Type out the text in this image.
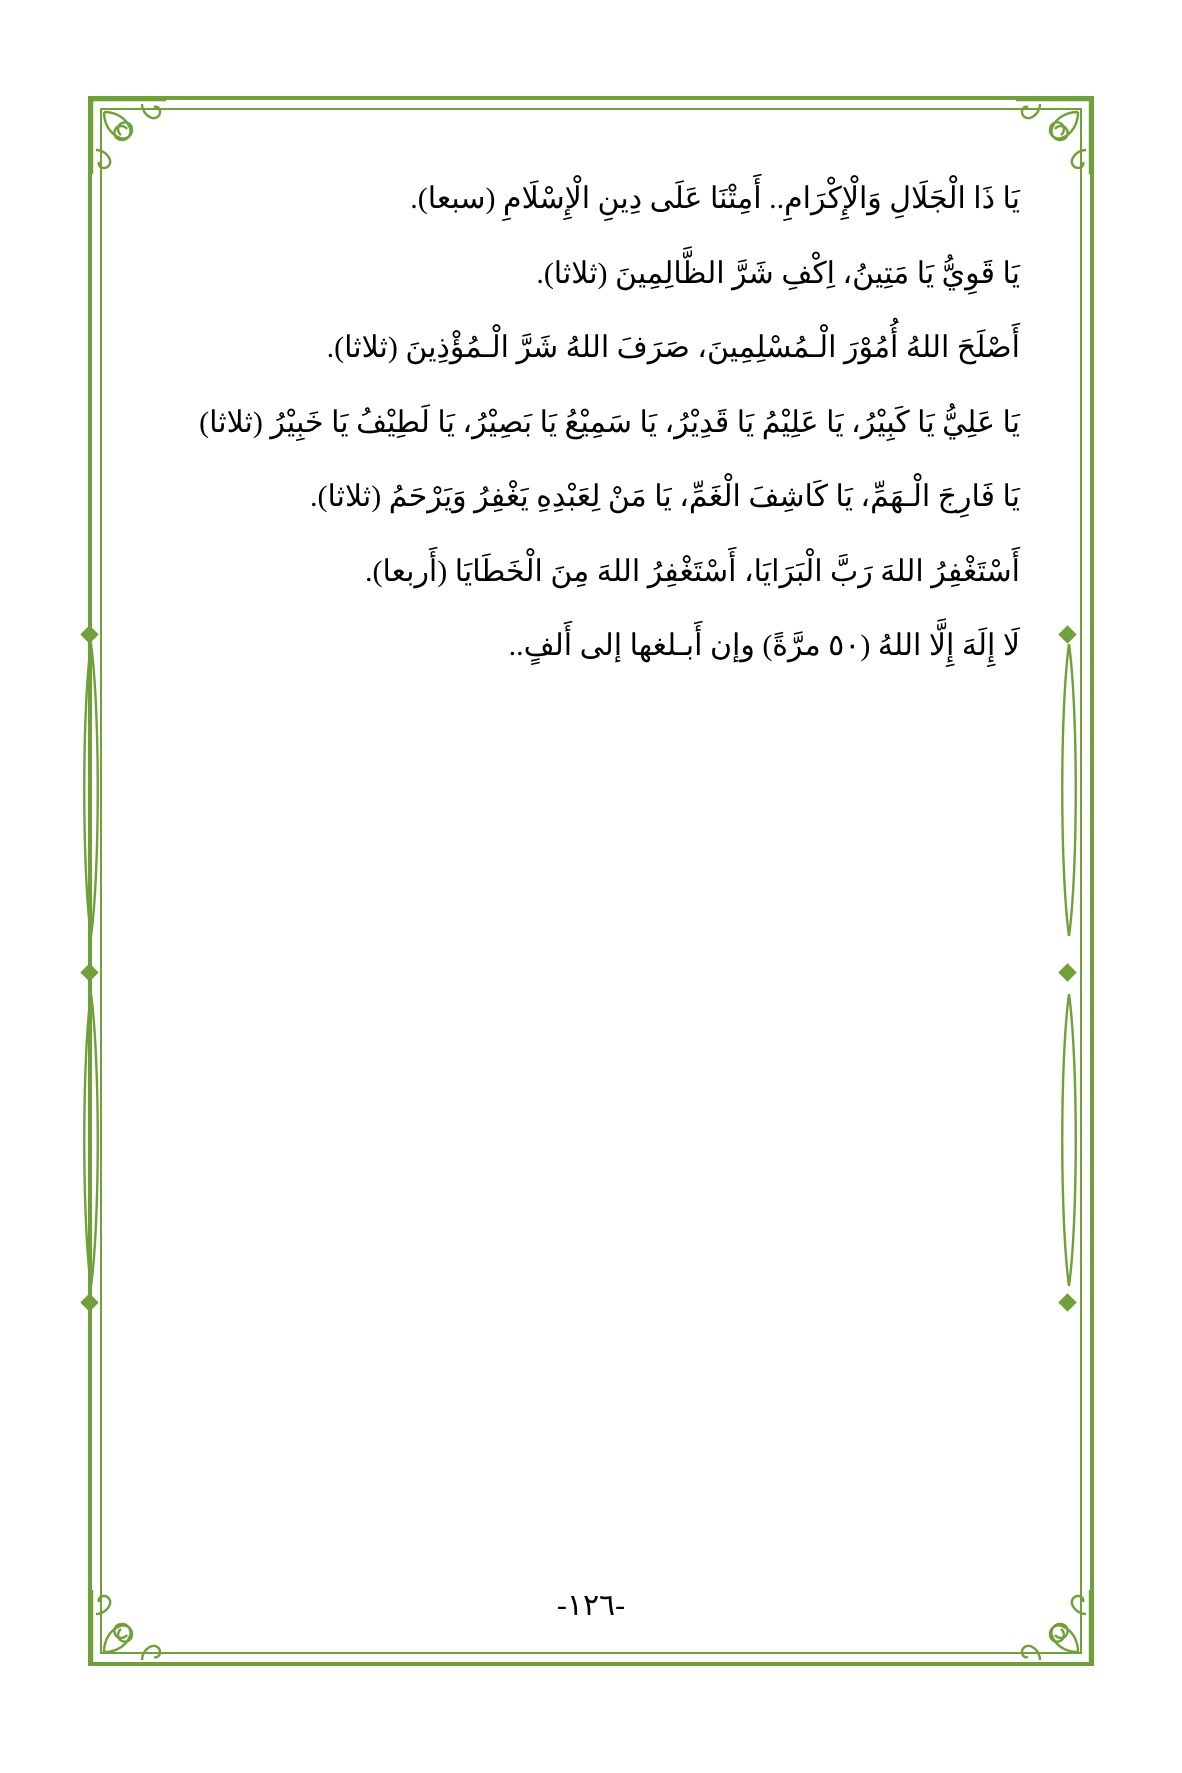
يَا ذَا الْجَلَالِ وَالْإِكْرَامِ.. أَمِتْنَا عَلَى دِينِ الْإِسْلَامِ (سبعا).

يَا قَوِيُّ يَا مَتِينُ، اِكْفِ شَرَّ الظَّالِمِينَ (ثلاثا).

أَصْلَحَ اللهُ أُمُوْرَ الْـمُسْلِمِينَ، صَرَفَ اللهُ شَرَّ الْـمُؤْذِينَ (ثلاثا).

يَا عَلِيُّ يَا كَبِيْرُ، يَا عَلِيْمُ يَا قَدِيْرُ، يَا سَمِيْعُ يَا بَصِيْرُ، يَا لَطِيْفُ يَا خَبِيْرُ (ثلاثا)

يَا فَارِجَ الْـهَمِّ، يَا كَاشِفَ الْغَمِّ، يَا مَنْ لِعَبْدِهِ يَغْفِرُ وَيَرْحَمُ (ثلاثا).

أَسْتَغْفِرُ اللهَ رَبَّ الْبَرَايَا، أَسْتَغْفِرُ اللهَ مِنَ الْخَطَايَا (أَربعا).

لَا إِلَهَ إِلَّا اللهُ (٥٠ مرَّةً) وإن أَبـلغها إلى أَلفٍ..

-١٢٦-
